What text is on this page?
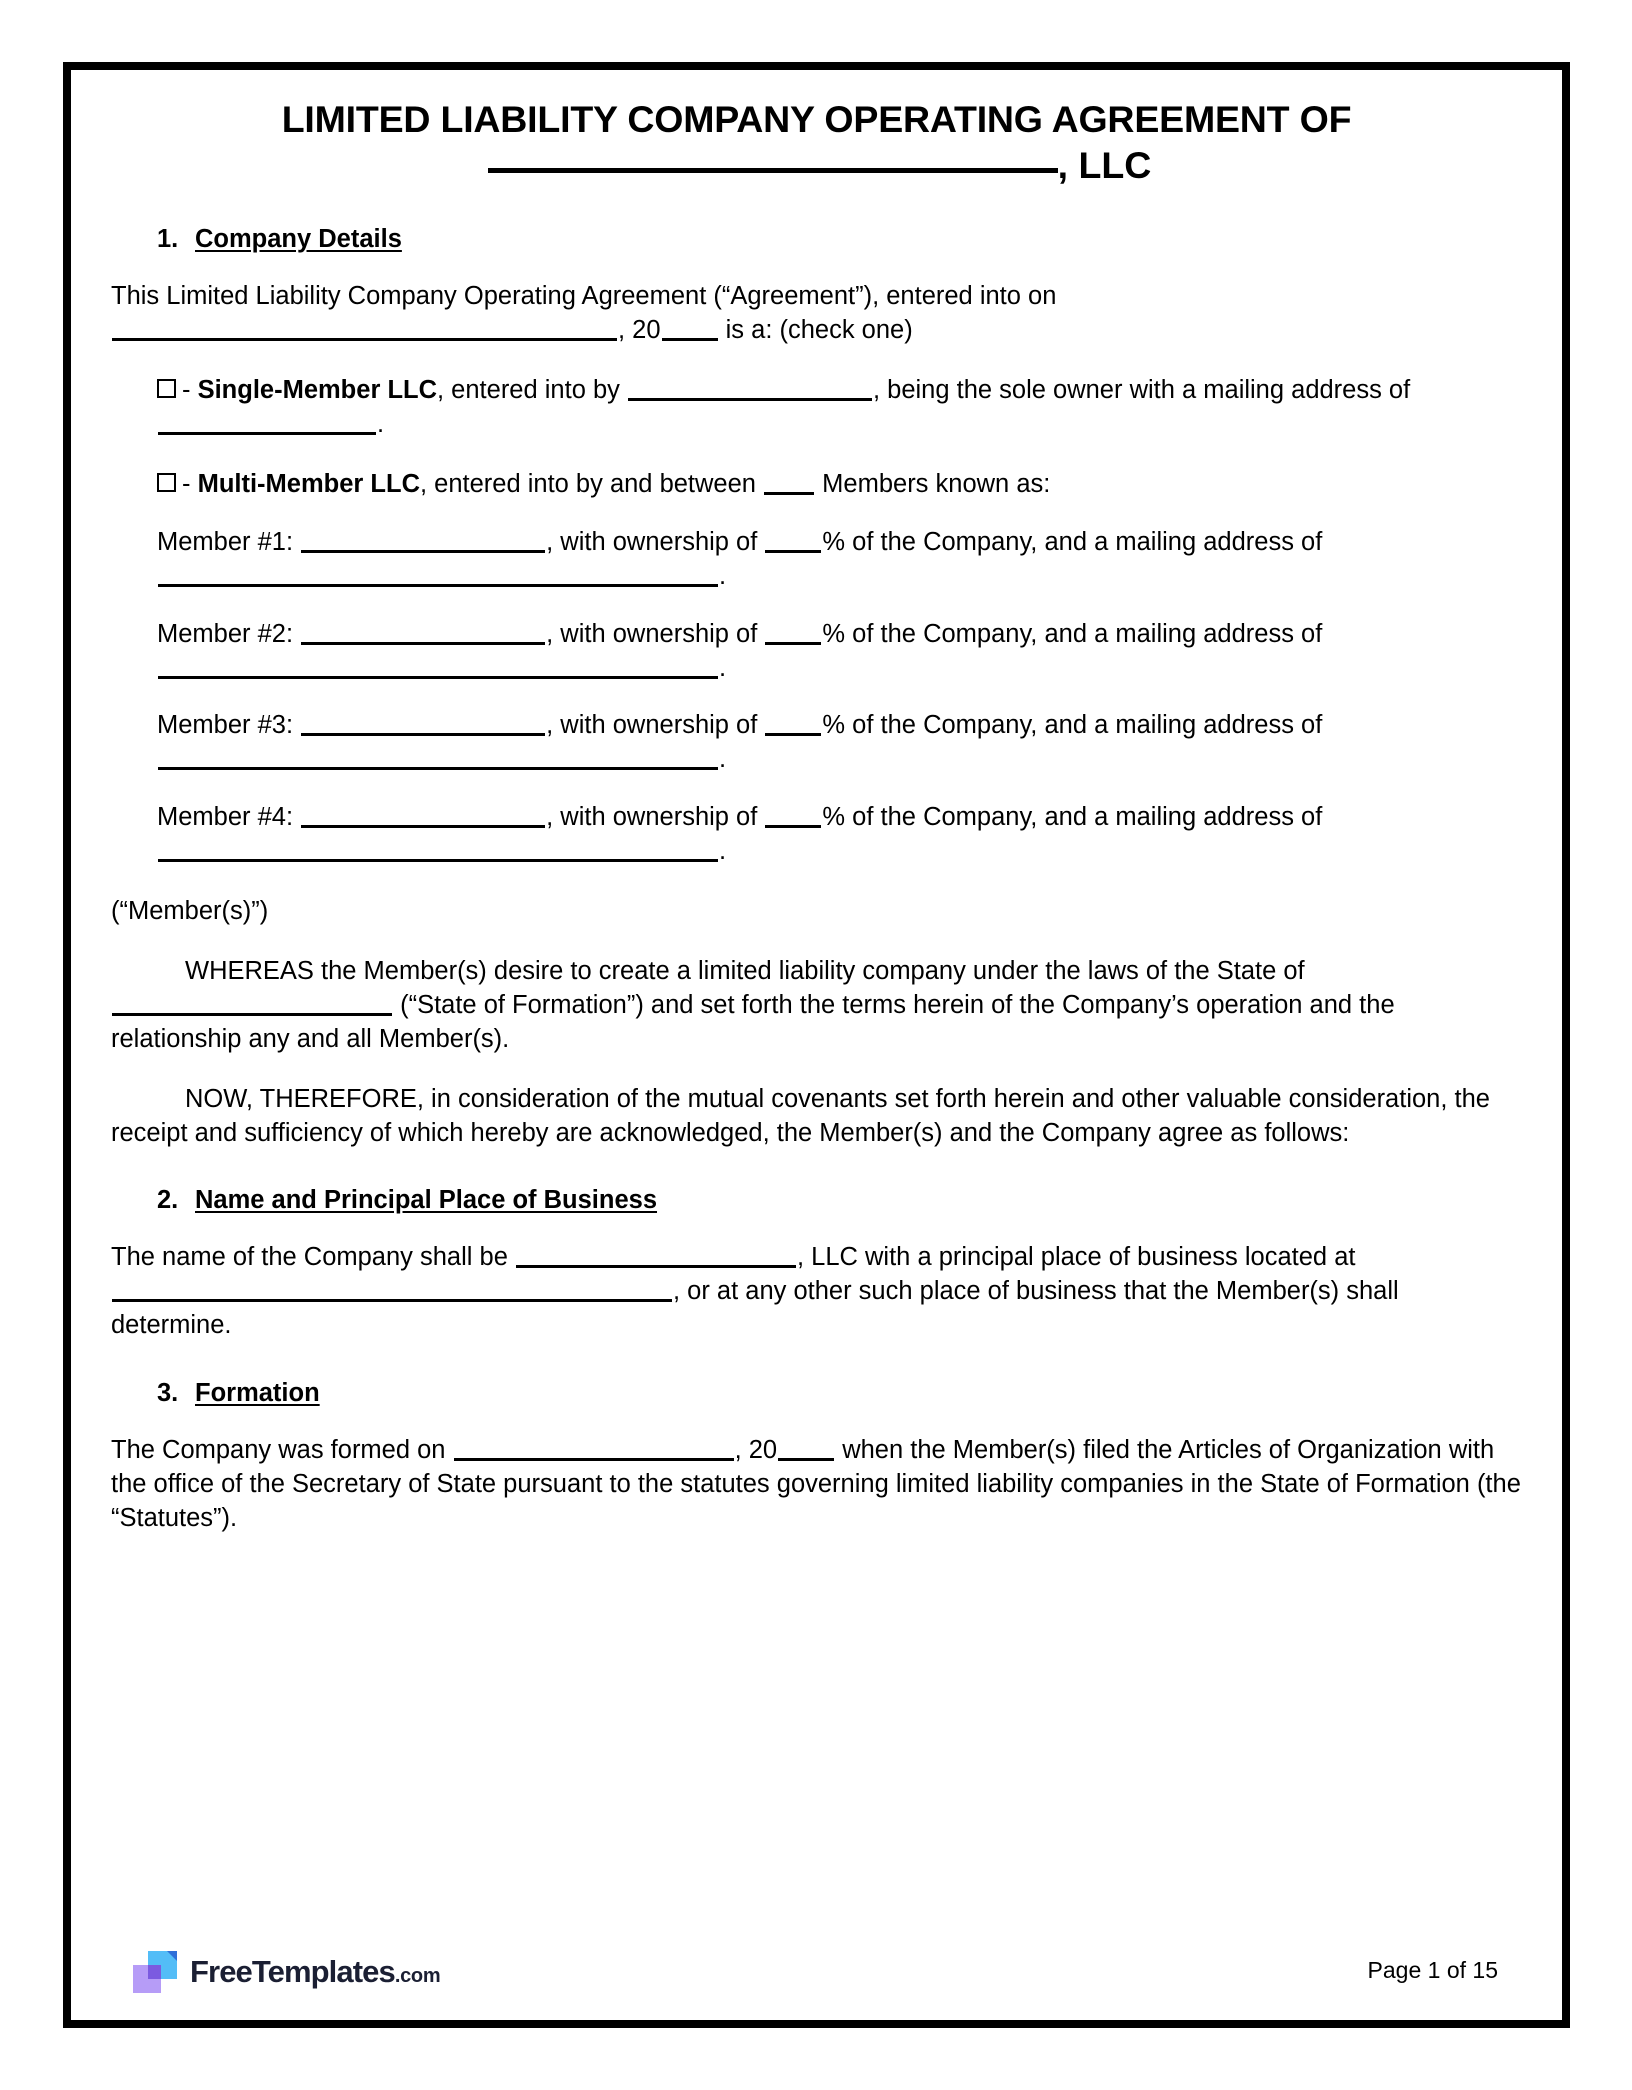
LIMITED LIABILITY COMPANY OPERATING AGREEMENT OF
, LLC
1. Company Details
This Limited Liability Company Operating Agreement (“Agreement”), entered into on
, 20 is a: (check one)
- Single-Member LLC, entered into by	, being the sole owner with a mailing address of .
- Multi-Member LLC, entered into by and between  Members known as:
Member #1:	, with ownership of % of the Company, and a mailing address of .
Member #2:	, with ownership of % of the Company, and a mailing address of .
Member #3:	, with ownership of % of the Company, and a mailing address of .
Member #4:	, with ownership of % of the Company, and a mailing address of .
(“Member(s)”)
WHEREAS the Member(s) desire to create a limited liability company under the laws of the State of  (“State of Formation”) and set forth the terms herein of the Company’s operation and the relationship any and all Member(s).
NOW, THEREFORE, in consideration of the mutual covenants set forth herein and other valuable consideration, the receipt and sufficiency of which hereby are acknowledged, the Member(s) and the Company agree as follows:
2. Name and Principal Place of Business
The name of the Company shall be	, LLC with a principal place of business located at , or at any other such place of business that the Member(s) shall determine.
3. Formation
The Company was formed on	, 20 when the Member(s) filed the Articles of Organization with the office of the Secretary of State pursuant to the statutes governing limited liability companies in the State of Formation (the “Statutes”).
FreeTemplates.com	Page 1 of 15
